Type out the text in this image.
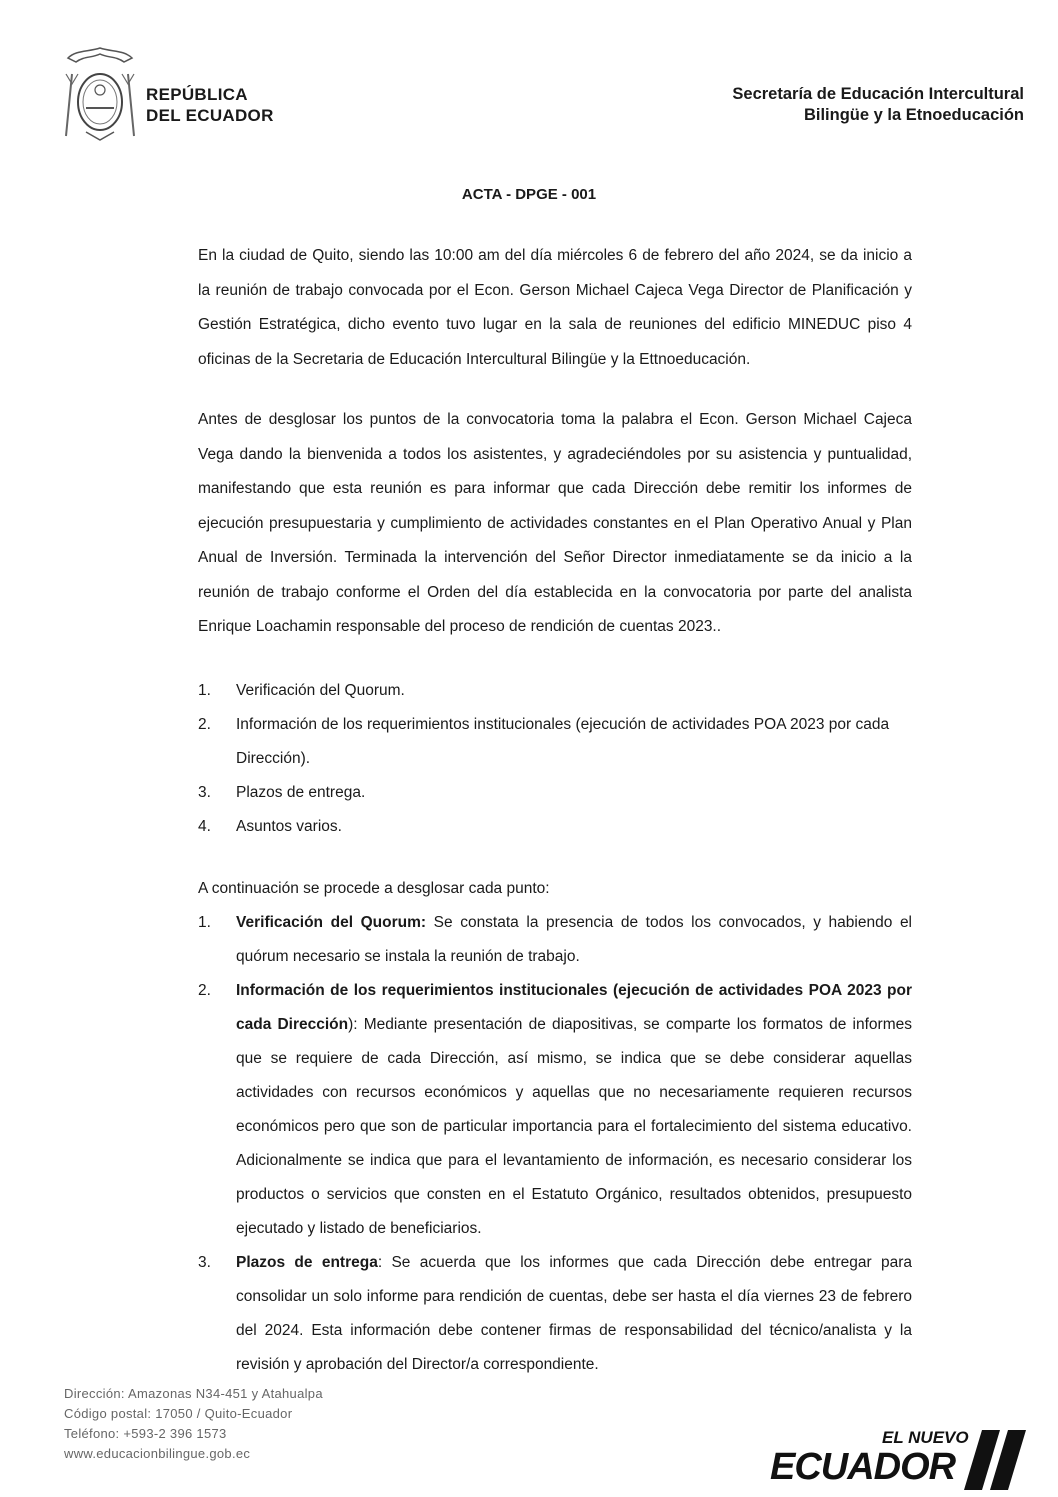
REPÚBLICA
DEL ECUADOR
Secretaría de Educación Intercultural
Bilingüe y la Etnoeducación
ACTA - DPGE - 001
En la ciudad de Quito, siendo las 10:00 am del día miércoles 6 de febrero del año 2024, se da inicio a la reunión de trabajo convocada por el Econ. Gerson Michael Cajeca Vega Director de Planificación y Gestión Estratégica, dicho evento tuvo lugar en la sala de reuniones del edificio MINEDUC piso 4 oficinas de la Secretaria de Educación Intercultural Bilingüe y la Ettnoeducación.
Antes de desglosar los puntos de la convocatoria toma la palabra el Econ. Gerson Michael Cajeca Vega dando la bienvenida a todos los asistentes, y agradeciéndoles por su asistencia y puntualidad, manifestando que esta reunión es para informar que cada Dirección debe remitir los informes de ejecución presupuestaria y cumplimiento de actividades constantes en el Plan Operativo Anual y Plan Anual de Inversión. Terminada la intervención del Señor Director inmediatamente se da inicio a la reunión de trabajo conforme el Orden del día establecida en la convocatoria por parte del analista Enrique Loachamin responsable del proceso de rendición de cuentas 2023..
1. Verificación del Quorum.
2. Información de los requerimientos institucionales (ejecución de actividades POA 2023 por cada Dirección).
3. Plazos de entrega.
4. Asuntos varios.
A continuación se procede a desglosar cada punto:
1. Verificación del Quorum: Se constata la presencia de todos los convocados, y habiendo el quórum necesario se instala la reunión de trabajo.
2. Información de los requerimientos institucionales (ejecución de actividades POA 2023 por cada Dirección): Mediante presentación de diapositivas, se comparte los formatos de informes que se requiere de cada Dirección, así mismo, se indica que se debe considerar aquellas actividades con recursos económicos y aquellas que no necesariamente requieren recursos económicos pero que son de particular importancia para el fortalecimiento del sistema educativo. Adicionalmente se indica que para el levantamiento de información, es necesario considerar los productos o servicios que consten en el Estatuto Orgánico, resultados obtenidos, presupuesto ejecutado y listado de beneficiarios.
3. Plazos de entrega: Se acuerda que los informes que cada Dirección debe entregar para consolidar un solo informe para rendición de cuentas, debe ser hasta el día viernes 23 de febrero del 2024. Esta información debe contener firmas de responsabilidad del técnico/analista y la revisión y aprobación del Director/a correspondiente.
Dirección: Amazonas N34-451 y Atahualpa
Código postal: 17050 / Quito-Ecuador
Teléfono: +593-2 396 1573
www.educacionbilingue.gob.ec
EL NUEVO
ECUADOR
